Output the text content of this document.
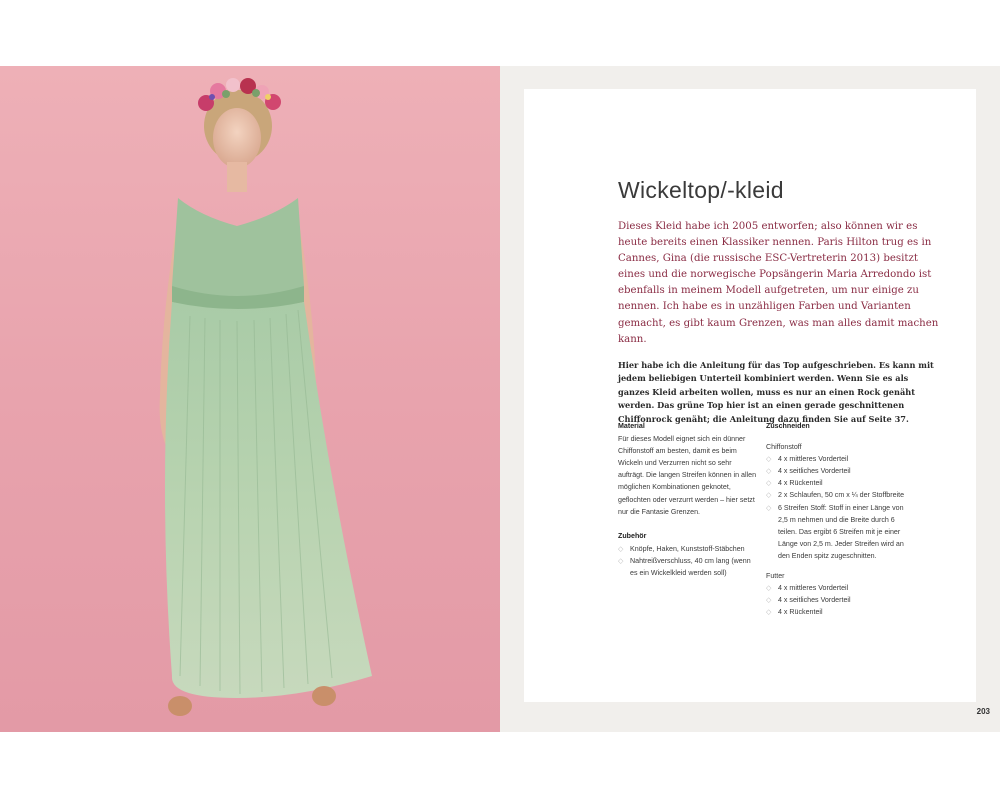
Wickeltop/-kleid
Dieses Kleid habe ich 2005 entworfen; also können wir es heute bereits einen Klassiker nennen. Paris Hilton trug es in Cannes, Gina (die russische ESC-Vertreterin 2013) besitzt eines und die norwegische Popsängerin Maria Arredondo ist ebenfalls in meinem Modell aufgetreten, um nur einige zu nennen. Ich habe es in unzähligen Farben und Varianten gemacht, es gibt kaum Grenzen, was man alles damit machen kann.
Hier habe ich die Anleitung für das Top aufgeschrieben. Es kann mit jedem beliebigen Unterteil kombiniert werden. Wenn Sie es als ganzes Kleid arbeiten wollen, muss es nur an einen Rock genäht werden. Das grüne Top hier ist an einen gerade geschnittenen Chiffonrock genäht; die Anleitung dazu finden Sie auf Seite 37.
Material
Für dieses Modell eignet sich ein dünner Chiffonstoff am besten, damit es beim Wickeln und Verzurren nicht so sehr aufträgt. Die langen Streifen können in allen möglichen Kombinationen geknotet, geflochten oder verzurrt werden – hier setzt nur die Fantasie Grenzen.
Zubehör
◇ Knöpfe, Haken, Kunststoff-Stäbchen
◇ Nahtreißverschluss, 40 cm lang (wenn es ein Wickelkleid werden soll)
Zuschneiden
Chiffonstoff
◇ 4 x mittleres Vorderteil
◇ 4 x seitliches Vorderteil
◇ 4 x Rückenteil
◇ 2 x Schlaufen, 50 cm x ¼ der Stoffbreite
◇ 6 Streifen Stoff: Stoff in einer Länge von 2,5 m nehmen und die Breite durch 6 teilen. Das ergibt 6 Streifen mit je einer Länge von 2,5 m. Jeder Streifen wird an den Enden spitz zugeschnitten.
Futter
◇ 4 x mittleres Vorderteil
◇ 4 x seitliches Vorderteil
◇ 4 x Rückenteil
203
